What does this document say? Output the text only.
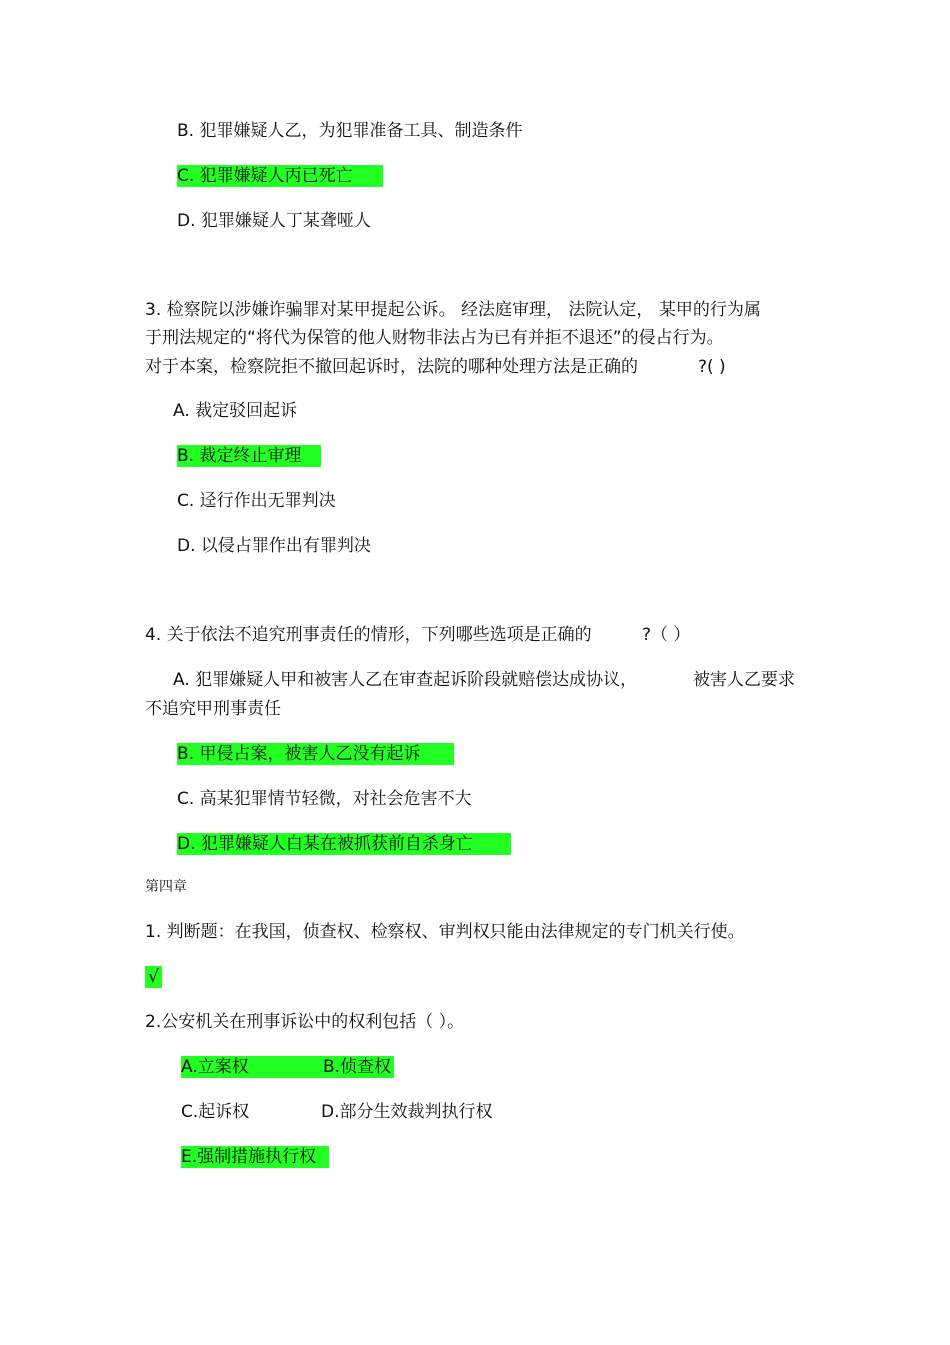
B. 犯罪嫌疑人乙，为犯罪准备工具、制造条件
C. 犯罪嫌疑人丙已死亡
D. 犯罪嫌疑人丁某聋哑人
3. 检察院以涉嫌诈骗罪对某甲提起公诉。 经法庭审理， 法院认定， 某甲的行为属
于刑法规定的“将代为保管的他人财物非法占为已有并拒不退还”的侵占行为。
对于本案，检察院拒不撤回起诉时，法院的哪种处理方法是正确的	?( )
A. 裁定驳回起诉
B. 裁定终止审理
C. 迳行作出无罪判决
D. 以侵占罪作出有罪判决
4. 关于依法不追究刑事责任的情形，下列哪些选项是正确的	?（ ）
A. 犯罪嫌疑人甲和被害人乙在审查起诉阶段就赔偿达成协议，	被害人乙要求
不追究甲刑事责任
B. 甲侵占案，被害人乙没有起诉
C. 高某犯罪情节轻微，对社会危害不大
D. 犯罪嫌疑人白某在被抓获前自杀身亡
第四章
1. 判断题：在我国，侦查权、检察权、审判权只能由法律规定的专门机关行使。
√
2.公安机关在刑事诉讼中的权利包括（ ）。
A.立案权	B.侦查权
C.起诉权	D.部分生效裁判执行权
E.强制措施执行权
